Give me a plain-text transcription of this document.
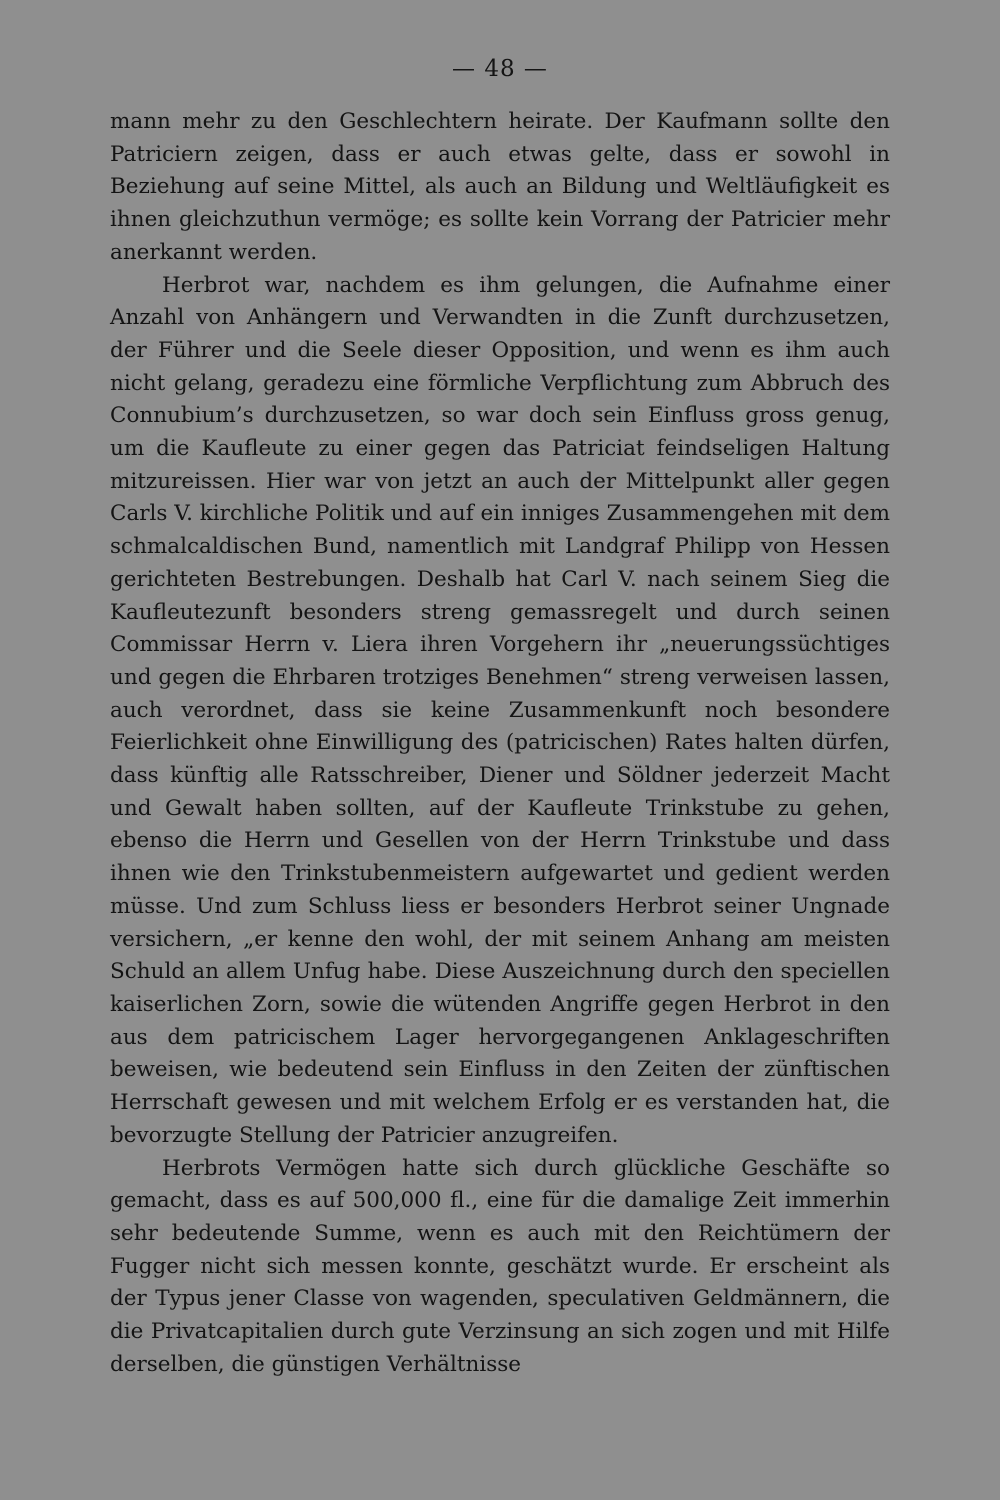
— 48 —

mann mehr zu den Geschlechtern heirate. Der Kaufmann sollte den Patriciern zeigen, dass er auch etwas gelte, dass er sowohl in Beziehung auf seine Mittel, als auch an Bildung und Weltläufigkeit es ihnen gleichzuthun vermöge; es sollte kein Vorrang der Patricier mehr anerkannt werden.

Herbrot war, nachdem es ihm gelungen, die Aufnahme einer Anzahl von Anhängern und Verwandten in die Zunft durchzusetzen, der Führer und die Seele dieser Opposition, und wenn es ihm auch nicht gelang, geradezu eine förmliche Verpflichtung zum Abbruch des Connubium’s durchzusetzen, so war doch sein Einfluss gross genug, um die Kaufleute zu einer gegen das Patriciat feindseligen Haltung mitzureissen. Hier war von jetzt an auch der Mittelpunkt aller gegen Carls V. kirchliche Politik und auf ein inniges Zusammengehen mit dem schmalcaldischen Bund, namentlich mit Landgraf Philipp von Hessen gerichteten Bestrebungen. Deshalb hat Carl V. nach seinem Sieg die Kaufleutezunft besonders streng gemassregelt und durch seinen Commissar Herrn v. Liera ihren Vorgehern ihr „neuerungssüchtiges und gegen die Ehrbaren trotziges Benehmen“ streng verweisen lassen, auch verordnet, dass sie keine Zusammenkunft noch besondere Feierlichkeit ohne Einwilligung des (patricischen) Rates halten dürfen, dass künftig alle Ratsschreiber, Diener und Söldner jederzeit Macht und Gewalt haben sollten, auf der Kaufleute Trinkstube zu gehen, ebenso die Herrn und Gesellen von der Herrn Trinkstube und dass ihnen wie den Trinkstubenmeistern aufgewartet und gedient werden müsse. Und zum Schluss liess er besonders Herbrot seiner Ungnade versichern, „er kenne den wohl, der mit seinem Anhang am meisten Schuld an allem Unfug habe. Diese Auszeichnung durch den speciellen kaiserlichen Zorn, sowie die wütenden Angriffe gegen Herbrot in den aus dem patricischem Lager hervorgegangenen Anklageschriften beweisen, wie bedeutend sein Einfluss in den Zeiten der zünftischen Herrschaft gewesen und mit welchem Erfolg er es verstanden hat, die bevorzugte Stellung der Patricier anzugreifen.

Herbrots Vermögen hatte sich durch glückliche Geschäfte so gemacht, dass es auf 500,000 fl., eine für die damalige Zeit immerhin sehr bedeutende Summe, wenn es auch mit den Reichtümern der Fugger nicht sich messen konnte, geschätzt wurde. Er erscheint als der Typus jener Classe von wagenden, speculativen Geldmännern, die die Privatcapitalien durch gute Verzinsung an sich zogen und mit Hilfe derselben, die günstigen Verhältnisse
